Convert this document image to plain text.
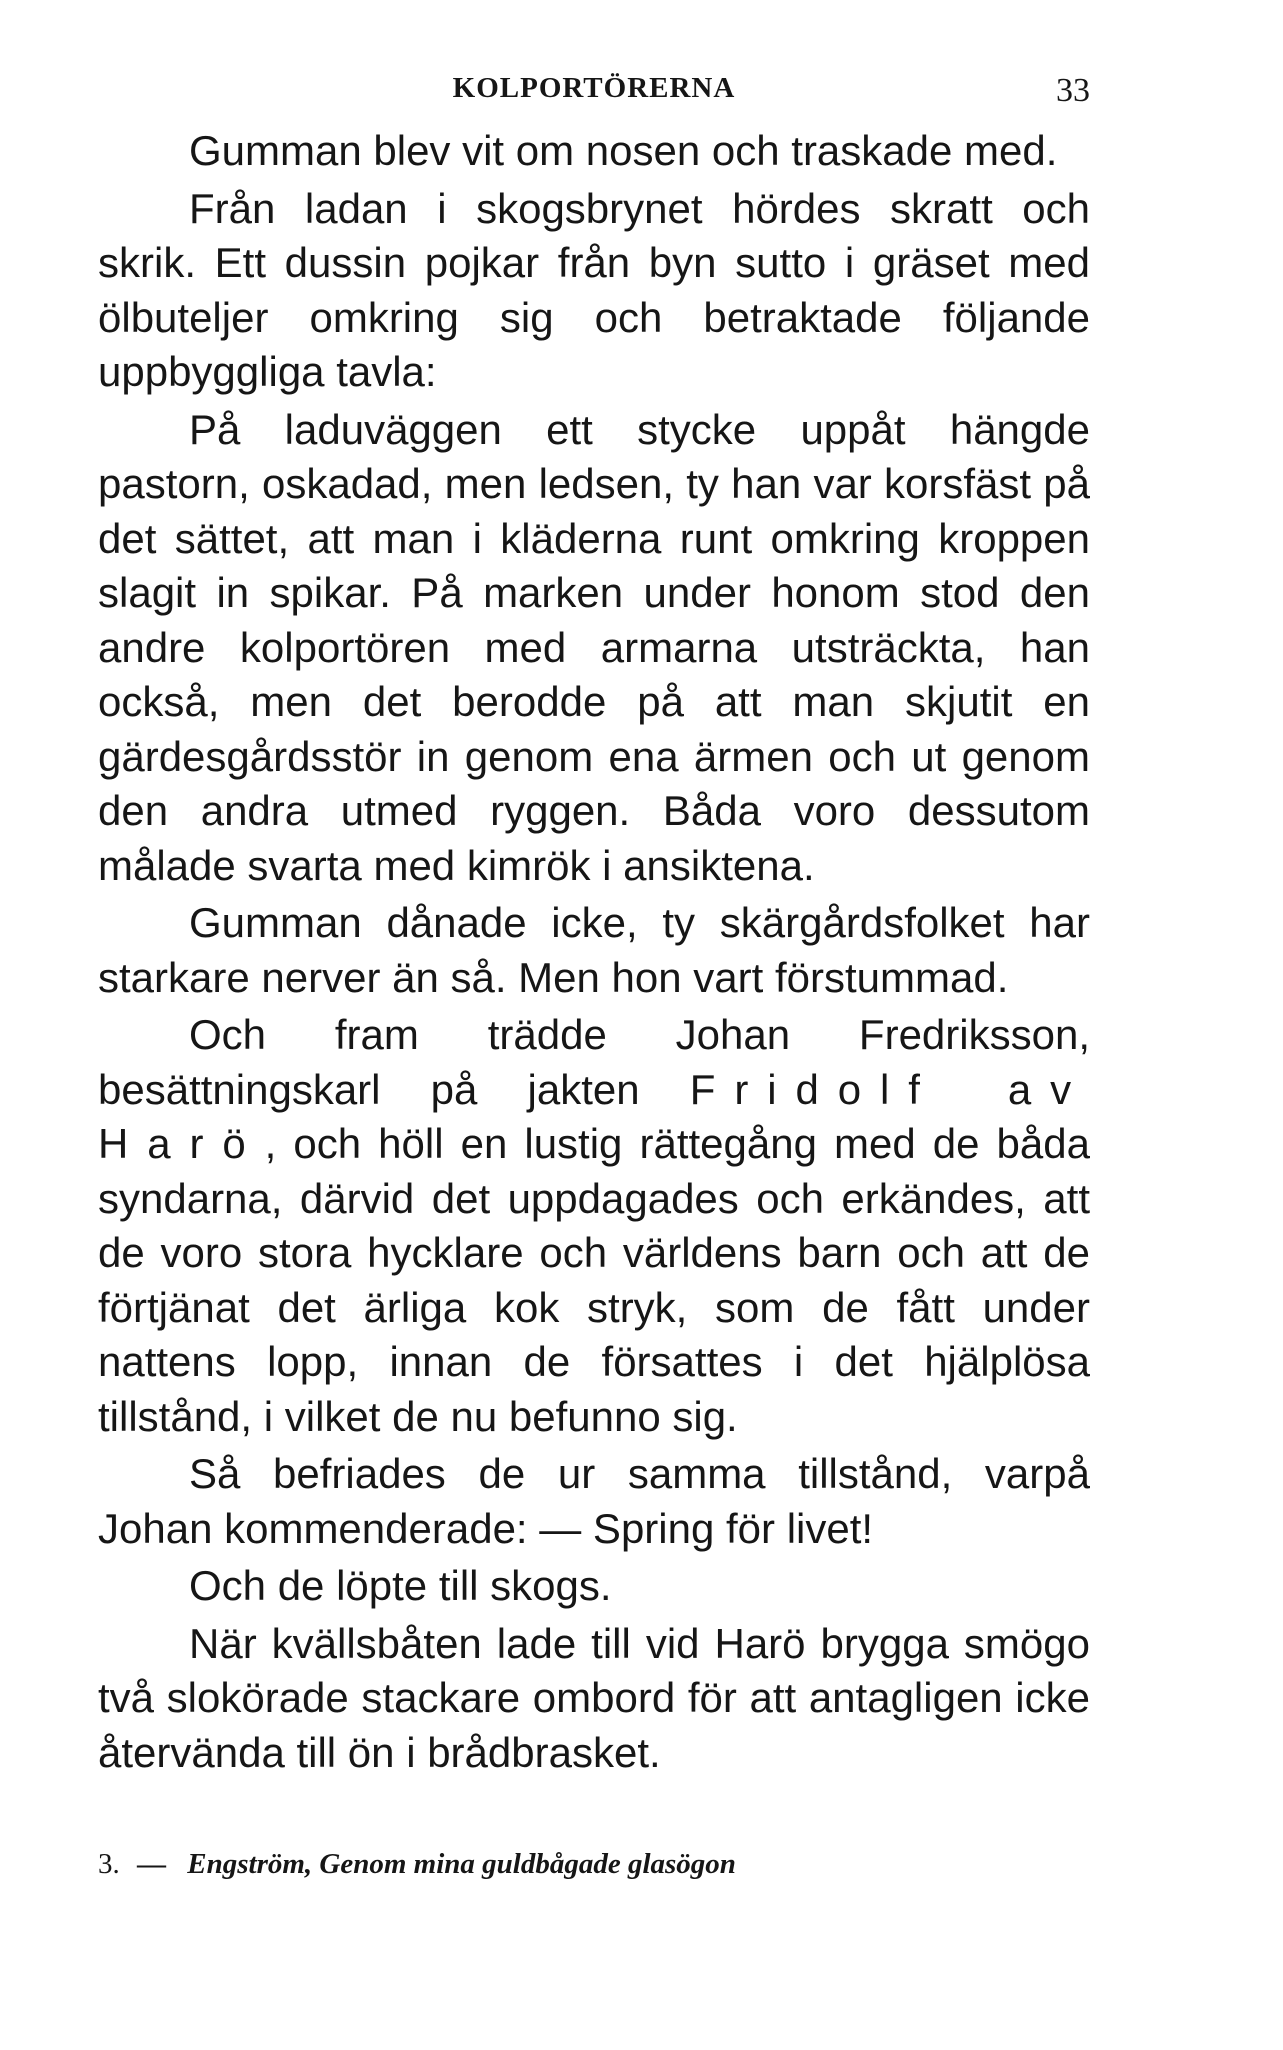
KOLPORTÖRERNA	33

Gumman blev vit om nosen och traskade med.

Från ladan i skogsbrynet hördes skratt och skrik. Ett dussin pojkar från byn sutto i gräset med ölbuteljer omkring sig och betraktade följande uppbyggliga tavla:

På laduväggen ett stycke uppåt hängde pastorn, oskadad, men ledsen, ty han var korsfäst på det sättet, att man i kläderna runt omkring kroppen slagit in spikar. På marken under honom stod den andre kolportören med armarna utsträckta, han också, men det berodde på att man skjutit en gärdesgårdsstör in genom ena ärmen och ut genom den andra utmed ryggen. Båda voro dessutom målade svarta med kimrök i ansiktena.

Gumman dånade icke, ty skärgårdsfolket har starkare nerver än så. Men hon vart förstummad.

Och fram trädde Johan Fredriksson, besättningskarl på jakten Fridolf av Harö, och höll en lustig rättegång med de båda syndarna, därvid det uppdagades och erkändes, att de voro stora hycklare och världens barn och att de förtjänat det ärliga kok stryk, som de fått under nattens lopp, innan de försattes i det hjälplösa tillstånd, i vilket de nu befunno sig.

Så befriades de ur samma tillstånd, varpå Johan kommenderade: — Spring för livet!

Och de löpte till skogs.

När kvällsbåten lade till vid Harö brygga smögo två slokörade stackare ombord för att antagligen icke återvända till ön i brådbrasket.

3. — Engström, Genom mina guldbågade glasögon
